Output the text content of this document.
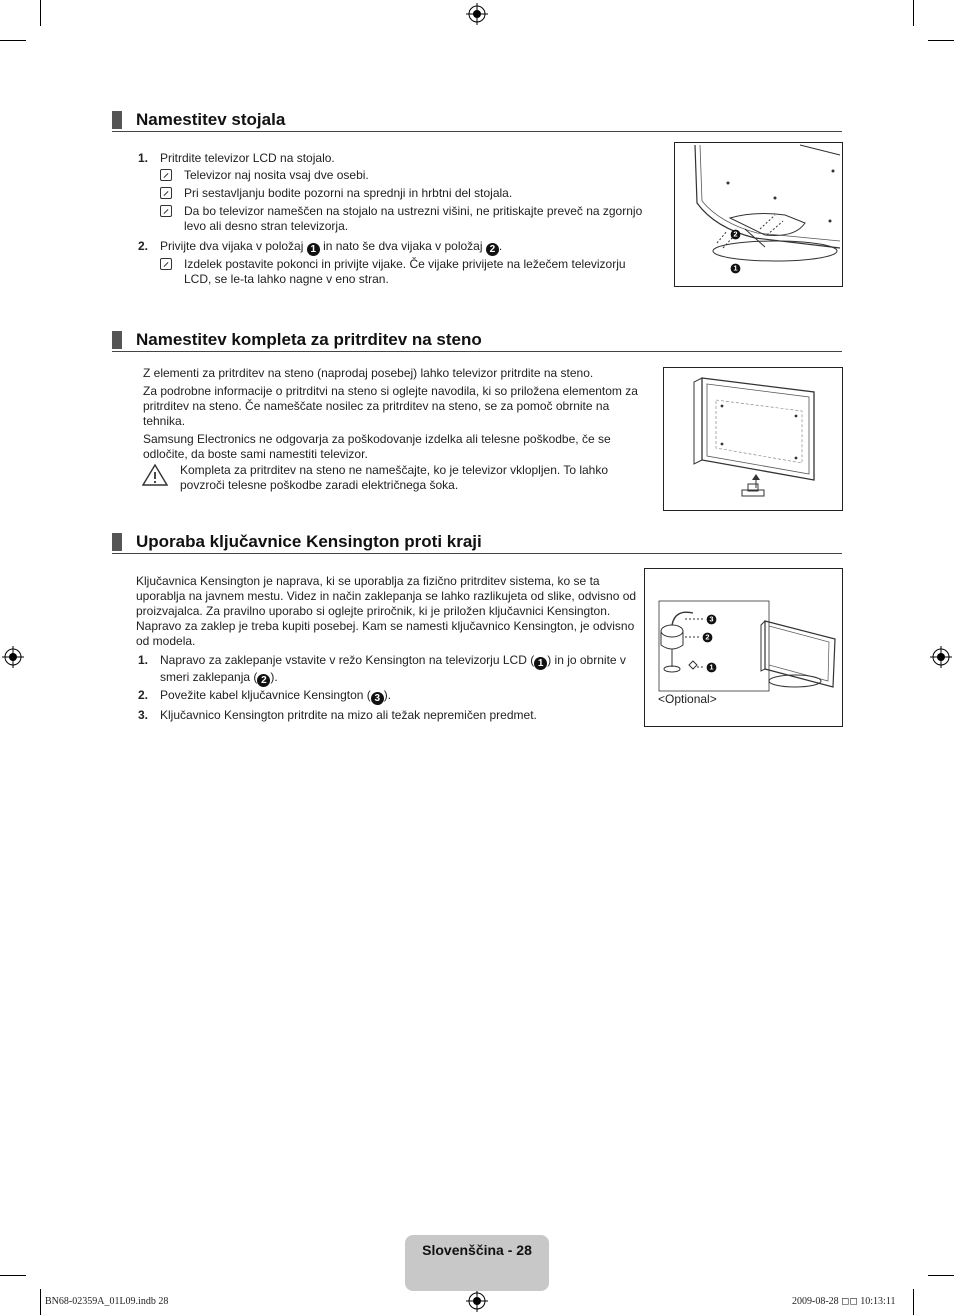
Namestitev stojala
1. Pritrdite televizor LCD na stojalo.
Televizor naj nosita vsaj dve osebi.
Pri sestavljanju bodite pozorni na sprednji in hrbtni del stojala.
Da bo televizor nameščen na stojalo na ustrezni višini, ne pritiskajte preveč na zgornjo levo ali desno stran televizorja.
2. Privijte dva vijaka v položaj 1 in nato še dva vijaka v položaj 2 .
Izdelek postavite pokonci in privijte vijake. Če vijake privijete na ležečem televizorju LCD, se le-ta lahko nagne v eno stran.
2
1
Namestitev kompleta za pritrditev na steno
Z elementi za pritrditev na steno (naprodaj posebej) lahko televizor pritrdite na steno.
Za podrobne informacije o pritrditvi na steno si oglejte navodila, ki so priložena elementom za pritrditev na steno. Če nameščate nosilec za pritrditev na steno, se za pomoč obrnite na tehnika.
Samsung Electronics ne odgovarja za poškodovanje izdelka ali telesne poškodbe, če se odločite, da boste sami namestiti televizor.
Kompleta za pritrditev na steno ne nameščajte, ko je televizor vklopljen. To lahko povzroči telesne poškodbe zaradi električnega šoka.
Uporaba ključavnice Kensington proti kraji
Ključavnica Kensington je naprava, ki se uporablja za fizično pritrditev sistema, ko se ta uporablja na javnem mestu. Videz in način zaklepanja se lahko razlikujeta od slike, odvisno od proizvajalca. Za pravilno uporabo si oglejte priročnik, ki je priložen ključavnici Kensington. Napravo za zaklep je treba kupiti posebej. Kam se namesti ključavnico Kensington, je odvisno od modela.
1. Napravo za zaklepanje vstavite v režo Kensington na televizorju LCD ( 1 ) in jo obrnite v smeri zaklepanja ( 2 ).
2. Povežite kabel ključavnice Kensington ( 3 ).
3. Ključavnico Kensington pritrdite na mizo ali težak nepremičen predmet.
3
2
1
<Optional>
Slovenščina - 28
BN68-02359A_01L09.indb 28	2009-08-28 ◻◻ 10:13:11
